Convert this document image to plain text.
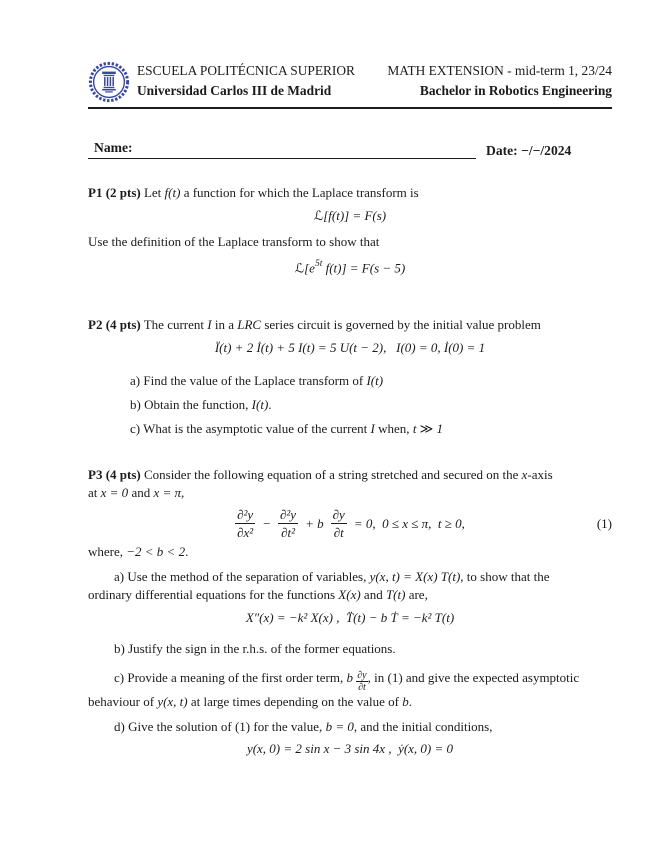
ESCUELA POLITÉCNICA SUPERIOR
Universidad Carlos III de Madrid
MATH EXTENSION - mid-term 1, 23/24
Bachelor in Robotics Engineering
Name:	Date: −/−/2024
P1 (2 pts) Let f(t) a function for which the Laplace transform is
ℒ[f(t)] = F(s)
Use the definition of the Laplace transform to show that
$ℒ[e^{5t}$ f(t)] = F(s − 5)
P2 (4 pts) The current I in a LRC series circuit is governed by the initial value problem
Ï(t) + 2 İ(t) + 5 I(t) = 5 U(t − 2),   I(0) = 0, İ(0) = 1
a) Find the value of the Laplace transform of I(t)
b) Obtain the function, I(t).
c) What is the asymptotic value of the current I when, t ≫ 1
P3 (4 pts) Consider the following equation of a string stretched and secured on the x-axis
at x = 0 and x = π,
$\frac{\text{∂²y}}{\text{∂x²}} - \frac{\text{∂²y}}{\text{∂t²}} + b \frac{\partial y}{\partial t} = 0$,  0 ≤ x ≤ π,  t ≥ 0,	(1)
where, −2 < b < 2.
a) Use the method of the separation of variables, y(x, t) = X(x) T(t), to show that the
ordinary differential equations for the functions X(x) and T(t) are,
X″(x) = −k² X(x) ,  T̈(t) − b Ṫ = −k² T(t)
b) Justify the sign in the r.h.s. of the former equations.
c) Provide a meaning of the first order term, b $\frac{\partial y}{\partial t}$ , in (1) and give the expected asymptotic
behaviour of y(x, t) at large times depending on the value of b.
d) Give the solution of (1) for the value, b = 0, and the initial conditions,
y(x, 0) = 2 sin x − 3 sin 4x ,  ẏ(x, 0) = 0
